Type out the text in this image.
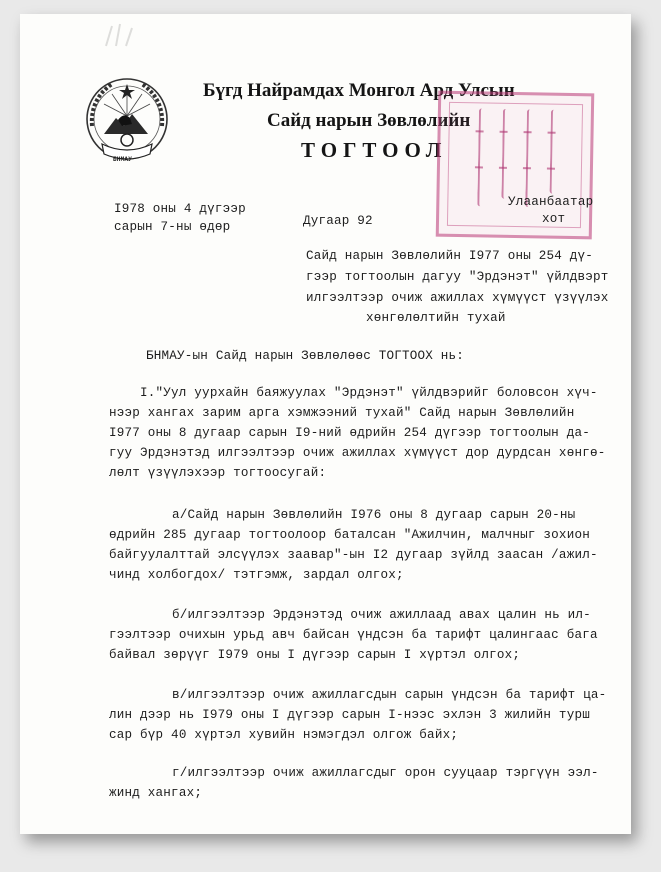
БНМАУ
Бүгд Найрамдах Монгол Ард Улсын
Сайд нарын Зөвлөлийн
ТОГТООЛ
I978 оны 4 дүгээр
сарын 7-ны өдөр	Дугаар 92
Улаанбаатар
хот
Сайд нарын Зөвлөлийн I977 оны 254 дү-
гээр тогтоолын дагуу "Эрдэнэт" үйлдвэрт
илгээлтээр очиж ажиллах хүмүүст үзүүлэх
хөнгөлөлтийн тухай
БНМАУ-ын Сайд нарын Зөвлөлөөс ТОГТООХ нь:
I."Уул уурхайн баяжуулах "Эрдэнэт" үйлдвэрийг боловсон хүч-
нээр хангах зарим арга хэмжээний тухай" Сайд нарын Зөвлөлийн
I977 оны 8 дугаар сарын I9-ний өдрийн 254 дүгээр тогтоолын да-
гуу Эрдэнэтэд илгээлтээр очиж ажиллах хүмүүст дор дурдсан хөнгө-
лөлт үзүүлэхээр тогтоосугай:
а/Сайд нарын Зөвлөлийн I976 оны 8 дугаар сарын 20-ны
өдрийн 285 дугаар тогтоолоор баталсан "Ажилчин, малчныг зохион
байгуулалттай элсүүлэх заавар"-ын I2 дугаар зүйлд заасан /ажил-
чинд холбогдох/ тэтгэмж, зардал олгох;
б/илгээлтээр Эрдэнэтэд очиж ажиллаад авах цалин нь ил-
гээлтээр очихын урьд авч байсан үндсэн ба тарифт цалингаас бага
байвал зөрүүг I979 оны I дүгээр сарын I хүртэл олгох;
в/илгээлтээр очиж ажиллагсдын сарын үндсэн ба тарифт ца-
лин дээр нь I979 оны I дүгээр сарын I-нээс эхлэн 3 жилийн турш
сар бүр 40 хүртэл хувийн нэмэгдэл олгож байх;
г/илгээлтээр очиж ажиллагсдыг орон сууцаар тэргүүн ээл-
жинд хангах;
